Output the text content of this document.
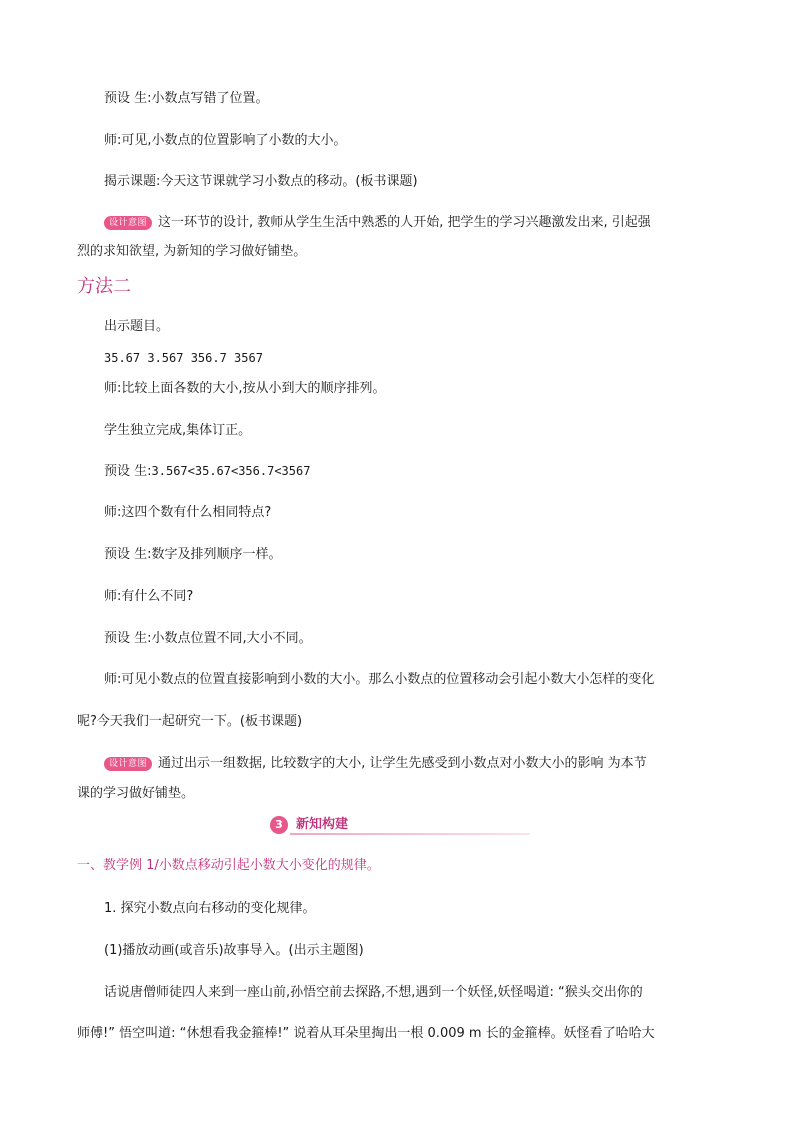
预设 生:小数点写错了位置。
师:可见,小数点的位置影响了小数的大小。
揭示课题:今天这节课就学习小数点的移动。(板书课题)
设计意图 这一环节的设计, 教师从学生生活中熟悉的人开始, 把学生的学习兴趣激发出来, 引起强
烈的求知欲望, 为新知的学习做好铺垫。
方法二
出示题目。
35.67 3.567 356.7 3567
师:比较上面各数的大小,按从小到大的顺序排列。
学生独立完成,集体订正。
预设 生:3.567<35.67<356.7<3567
师:这四个数有什么相同特点?
预设 生:数字及排列顺序一样。
师:有什么不同?
预设 生:小数点位置不同,大小不同。
师:可见小数点的位置直接影响到小数的大小。那么小数点的位置移动会引起小数大小怎样的变化
呢?今天我们一起研究一下。(板书课题)
设计意图 通过出示一组数据, 比较数字的大小, 让学生先感受到小数点对小数大小的影响 为本节
课的学习做好铺垫。
3	新知构建
一、教学例 1/小数点移动引起小数大小变化的规律。
1. 探究小数点向右移动的变化规律。
(1)播放动画(或音乐)故事导入。(出示主题图)
话说唐僧师徒四人来到一座山前,孙悟空前去探路,不想,遇到一个妖怪,妖怪喝道: “猴头交出你的
师傅!” 悟空叫道: “休想看我金箍棒!” 说着从耳朵里掏出一根 0.009 m 长的金箍棒。妖怪看了哈哈大
